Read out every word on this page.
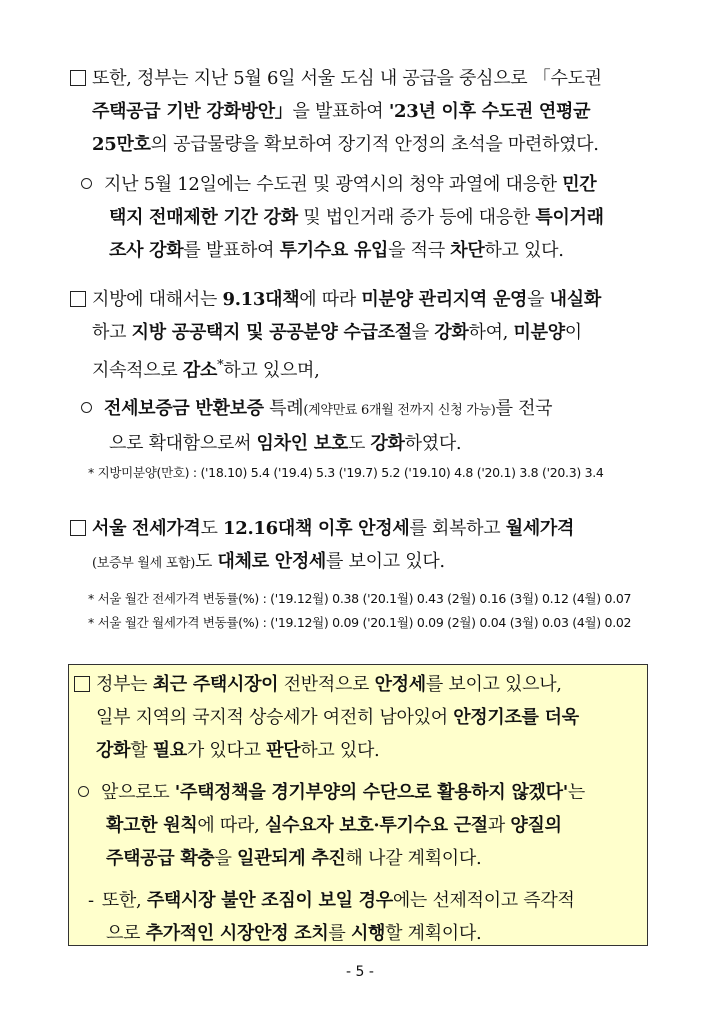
또한, 정부는 지난 5월 6일 서울 도심 내 공급을 중심으로 「수도권
주택공급 기반 강화방안」을 발표하여 '23년 이후 수도권 연평균
25만호의 공급물량을 확보하여 장기적 안정의 초석을 마련하였다.
지난 5월 12일에는 수도권 및 광역시의 청약 과열에 대응한 민간
택지 전매제한 기간 강화 및 법인거래 증가 등에 대응한 특이거래
조사 강화를 발표하여 투기수요 유입을 적극 차단하고 있다.
지방에 대해서는 9.13대책에 따라 미분양 관리지역 운영을 내실화
하고 지방 공공택지 및 공공분양 수급조절을 강화하여, 미분양이
지속적으로 감소*하고 있으며,
전세보증금 반환보증 특례(계약만료 6개월 전까지 신청 가능)를 전국
으로 확대함으로써 임차인 보호도 강화하였다.
* 지방미분양(만호) : ('18.10) 5.4 ('19.4) 5.3 ('19.7) 5.2 ('19.10) 4.8 ('20.1) 3.8 ('20.3) 3.4
서울 전세가격도 12.16대책 이후 안정세를 회복하고 월세가격
(보증부 월세 포함)도 대체로 안정세를 보이고 있다.
* 서울 월간 전세가격 변동률(%) : ('19.12월) 0.38 ('20.1월) 0.43 (2월) 0.16 (3월) 0.12 (4월) 0.07
* 서울 월간 월세가격 변동률(%) : ('19.12월) 0.09 ('20.1월) 0.09 (2월) 0.04 (3월) 0.03 (4월) 0.02
정부는 최근 주택시장이 전반적으로 안정세를 보이고 있으나,
일부 지역의 국지적 상승세가 여전히 남아있어 안정기조를 더욱
강화할 필요가 있다고 판단하고 있다.
앞으로도 '주택정책을 경기부양의 수단으로 활용하지 않겠다'는
확고한 원칙에 따라, 실수요자 보호·투기수요 근절과 양질의
주택공급 확충을 일관되게 추진해 나갈 계획이다.
- 또한, 주택시장 불안 조짐이 보일 경우에는 선제적이고 즉각적
으로 추가적인 시장안정 조치를 시행할 계획이다.
- 5 -
